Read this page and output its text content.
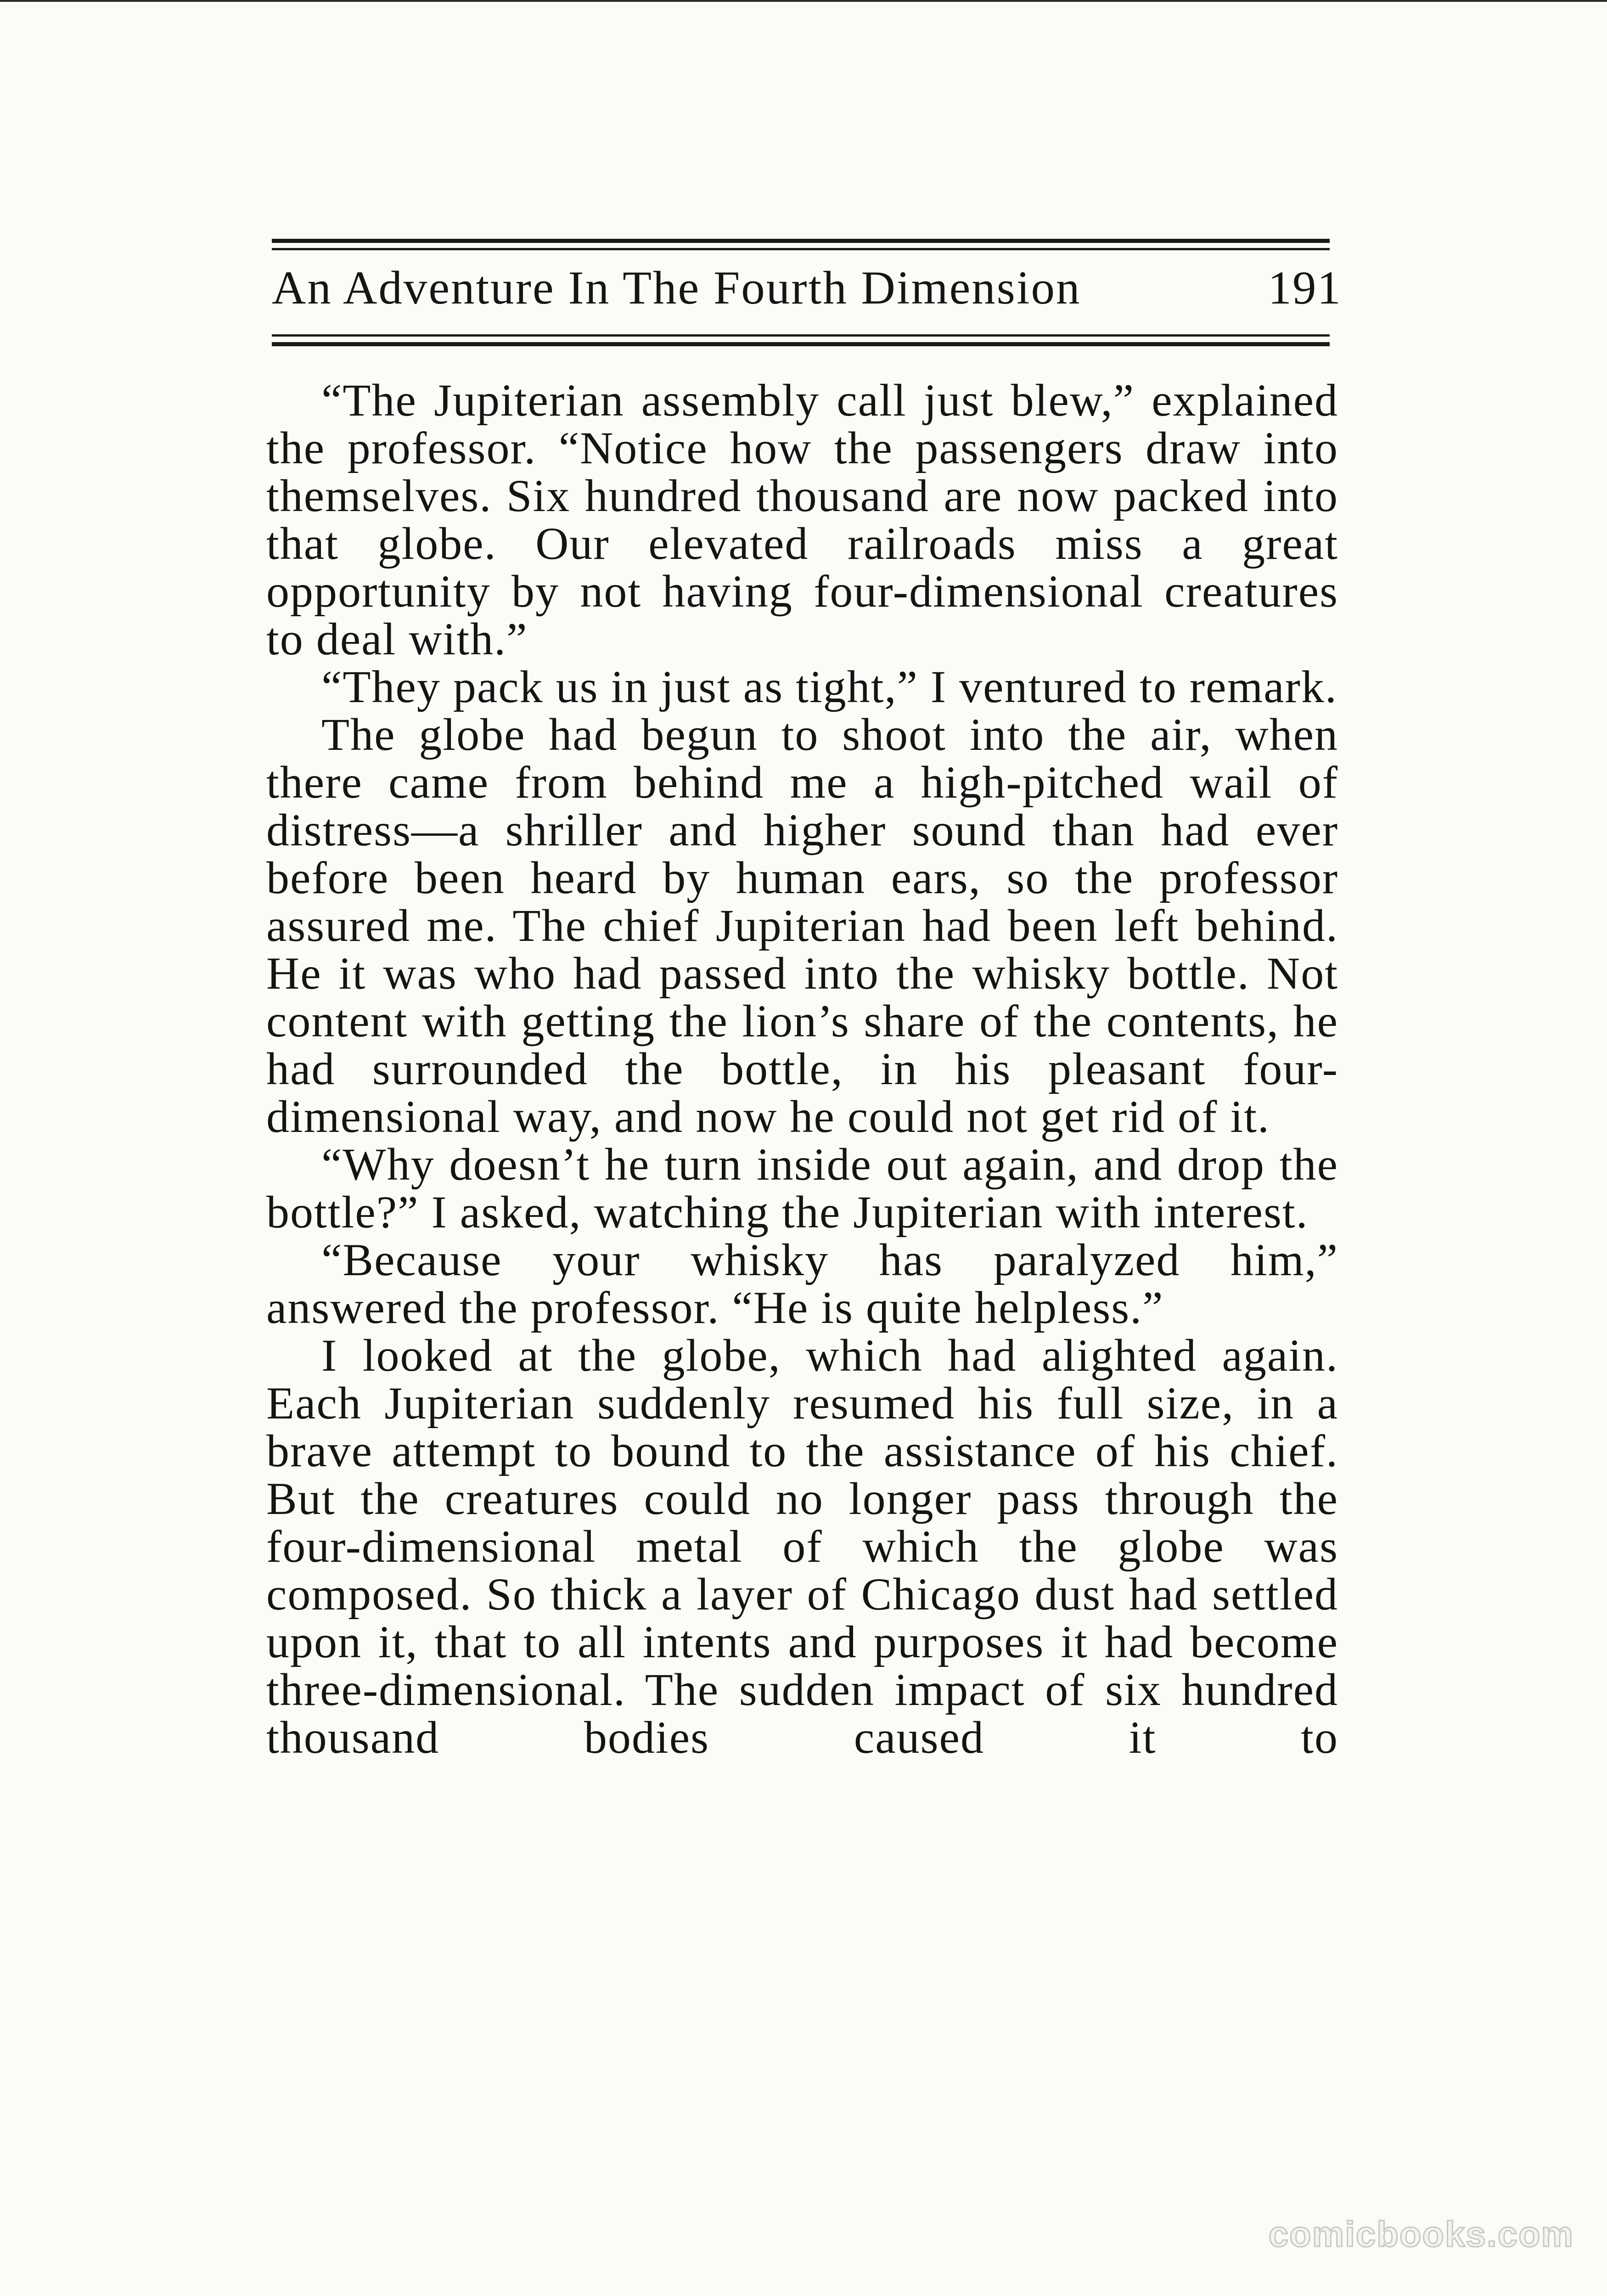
An Adventure In The Fourth Dimension	191

“The Jupiterian assembly call just blew,” explained the professor. “Notice how the passengers draw into themselves. Six hundred thousand are now packed into that globe. Our elevated railroads miss a great opportunity by not having four-dimensional creatures to deal with.”

“They pack us in just as tight,” I ventured to remark.

The globe had begun to shoot into the air, when there came from behind me a high-pitched wail of distress—a shriller and higher sound than had ever before been heard by human ears, so the professor assured me. The chief Jupiterian had been left behind. He it was who had passed into the whisky bottle. Not content with getting the lion’s share of the contents, he had surrounded the bottle, in his pleasant four-dimensional way, and now he could not get rid of it.

“Why doesn’t he turn inside out again, and drop the bottle?” I asked, watching the Jupiterian with interest.

“Because your whisky has paralyzed him,” answered the professor. “He is quite helpless.”

I looked at the globe, which had alighted again. Each Jupiterian suddenly resumed his full size, in a brave attempt to bound to the assistance of his chief. But the creatures could no longer pass through the four-dimensional metal of which the globe was composed. So thick a layer of Chicago dust had settled upon it, that to all intents and purposes it had become three-dimensional. The sudden impact of six hundred thousand bodies caused it to

comicbooks.com
